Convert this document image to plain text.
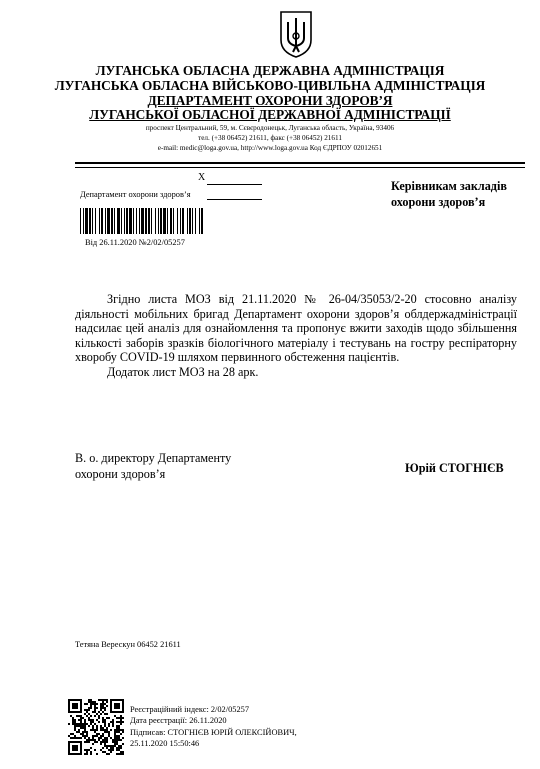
ЛУГАНСЬКА ОБЛАСНА ДЕРЖАВНА АДМІНІСТРАЦІЯ
ЛУГАНСЬКА ОБЛАСНА ВІЙСЬКОВО-ЦИВІЛЬНА АДМІНІСТРАЦІЯ
ДЕПАРТАМЕНТ ОХОРОНИ ЗДОРОВ’Я
ЛУГАНСЬКОЇ ОБЛАСНОЇ ДЕРЖАВНОЇ АДМІНІСТРАЦІЇ
проспект Центральний, 59, м. Сєвєродонецьк, Луганська область, Україна, 93406
тел. (+38 06452) 21611, факс (+38 06452) 21611
e-mail: medic@loga.gov.ua, http://www.loga.gov.ua Код ЄДРПОУ 02012651
Х
Департамент охорони здоров’я
Від 26.11.2020 №2/02/05257
Керівникам закладів
охорони здоров’я

Згідно листа МОЗ від 21.11.2020 № 26-04/35053/2-20 стосовно аналізу діяльності мобільних бригад Департамент охорони здоров’я облдержадміністрації надсилає цей аналіз для ознайомлення та пропонує вжити заходів щодо збільшення кількості заборів зразків біологічного матеріалу і тестувань на гостру респіраторну хворобу COVID-19 шляхом первинного обстеження пацієнтів.

Додаток лист МОЗ на 28 арк.

В. о. директору Департаменту
охорони здоров’я	Юрій СТОГНІЄВ
Тетяна Верескун 06452 21611
Реєстраційний індекс: 2/02/05257
Дата реєстрації: 26.11.2020
Підписав: СТОГНІЄВ ЮРІЙ ОЛЕКСІЙОВИЧ,
25.11.2020 15:50:46
